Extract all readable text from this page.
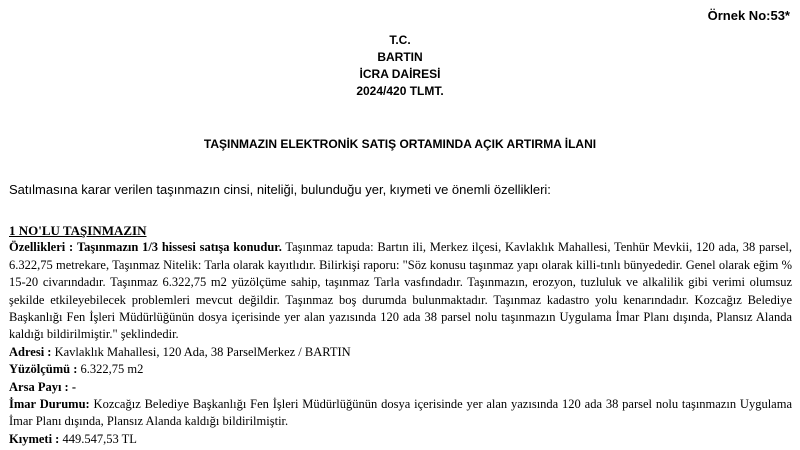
Örnek No:53*
T.C.
BARTIN
İCRA DAİRESİ
2024/420 TLMT.
TAŞINMAZIN ELEKTRONİK SATIŞ ORTAMINDA AÇIK ARTIRMA İLANI
Satılmasına karar verilen taşınmazın cinsi, niteliği, bulunduğu yer, kıymeti ve önemli özellikleri:

1 NO'LU TAŞINMAZIN

Özellikleri : Taşınmazın 1/3 hissesi satışa konudur. Taşınmaz tapuda: Bartın ili, Merkez ilçesi, Kavlaklık Mahallesi, Tenhür Mevkii, 120 ada, 38 parsel, 6.322,75 metrekare, Taşınmaz Nitelik: Tarla olarak kayıtlıdır. Bilirkişi raporu: "Söz konusu taşınmaz yapı olarak killi-tınlı bünyededir. Genel olarak eğim % 15-20 civarındadır. Taşınmaz 6.322,75 m2 yüzölçüme sahip, taşınmaz Tarla vasfındadır. Taşınmazın, erozyon, tuzluluk ve alkalilik gibi verimi olumsuz şekilde etkileyebilecek problemleri mevcut değildir. Taşınmaz boş durumda bulunmaktadır. Taşınmaz kadastro yolu kenarındadır. Kozcağız Belediye Başkanlığı Fen İşleri Müdürlüğünün dosya içerisinde yer alan yazısında 120 ada 38 parsel nolu taşınmazın Uygulama İmar Planı dışında, Plansız Alanda kaldığı bildirilmiştir." şeklindedir.

Adresi : Kavlaklık Mahallesi, 120 Ada, 38 ParselMerkez / BARTIN

Yüzölçümü : 6.322,75 m2

Arsa Payı : -

İmar Durumu: Kozcağız Belediye Başkanlığı Fen İşleri Müdürlüğünün dosya içerisinde yer alan yazısında 120 ada 38 parsel nolu taşınmazın Uygulama İmar Planı dışında, Plansız Alanda kaldığı bildirilmiştir.

Kıymeti : 449.547,53 TL
